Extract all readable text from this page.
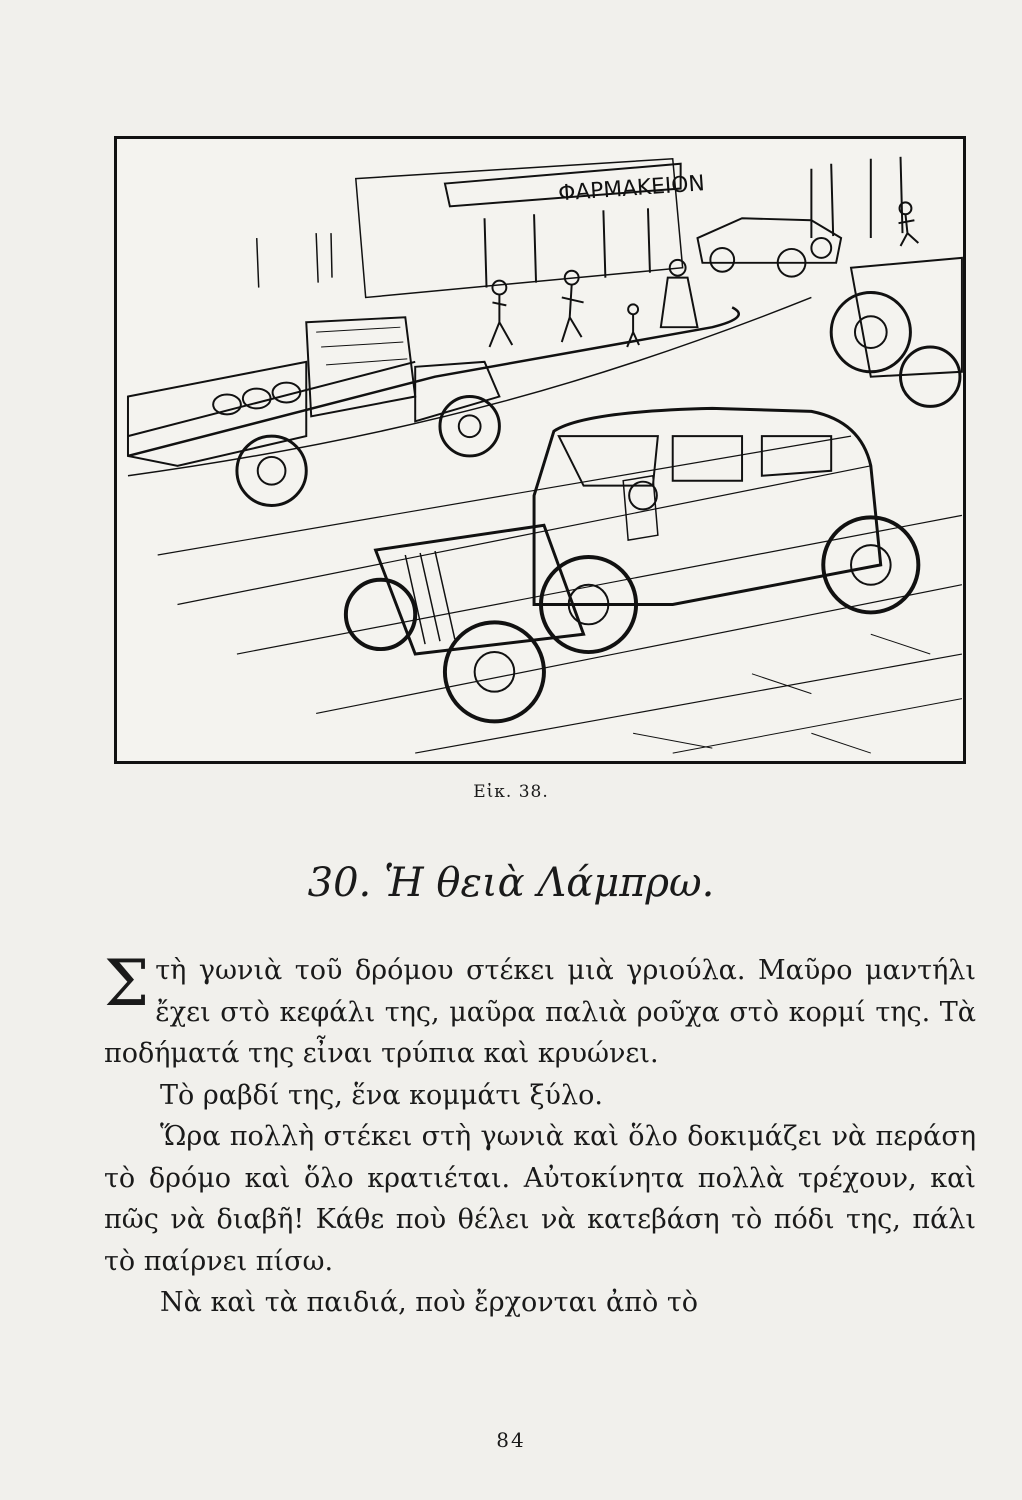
ΦΑΡΜΑΚΕΙΟΝ
Εἰκ. 38.
30. Ἡ θειὰ Λάμπρω.

Στὴ γωνιὰ τοῦ δρόμου στέκει μιὰ γριούλα. Μαῦρο μαντήλι ἔχει στὸ κεφάλι της, μαῦρα παλιὰ ροῦχα στὸ κορμί της. Τὰ ποδήματά της εἶναι τρύπια καὶ κρυώνει.

Τὸ ραβδί της, ἕνα κομμάτι ξύλο.

Ὥρα πολλὴ στέκει στὴ γωνιὰ καὶ ὅλο δοκιμάζει νὰ περάση τὸ δρόμο καὶ ὅλο κρατιέται. Αὐτοκίνητα πολλὰ τρέχουν, καὶ πῶς νὰ διαβῆ! Κάθε ποὺ θέλει νὰ κατεβάση τὸ πόδι της, πάλι τὸ παίρνει πίσω.

Νὰ καὶ τὰ παιδιά, ποὺ ἔρχονται ἀπὸ τὸ

84
